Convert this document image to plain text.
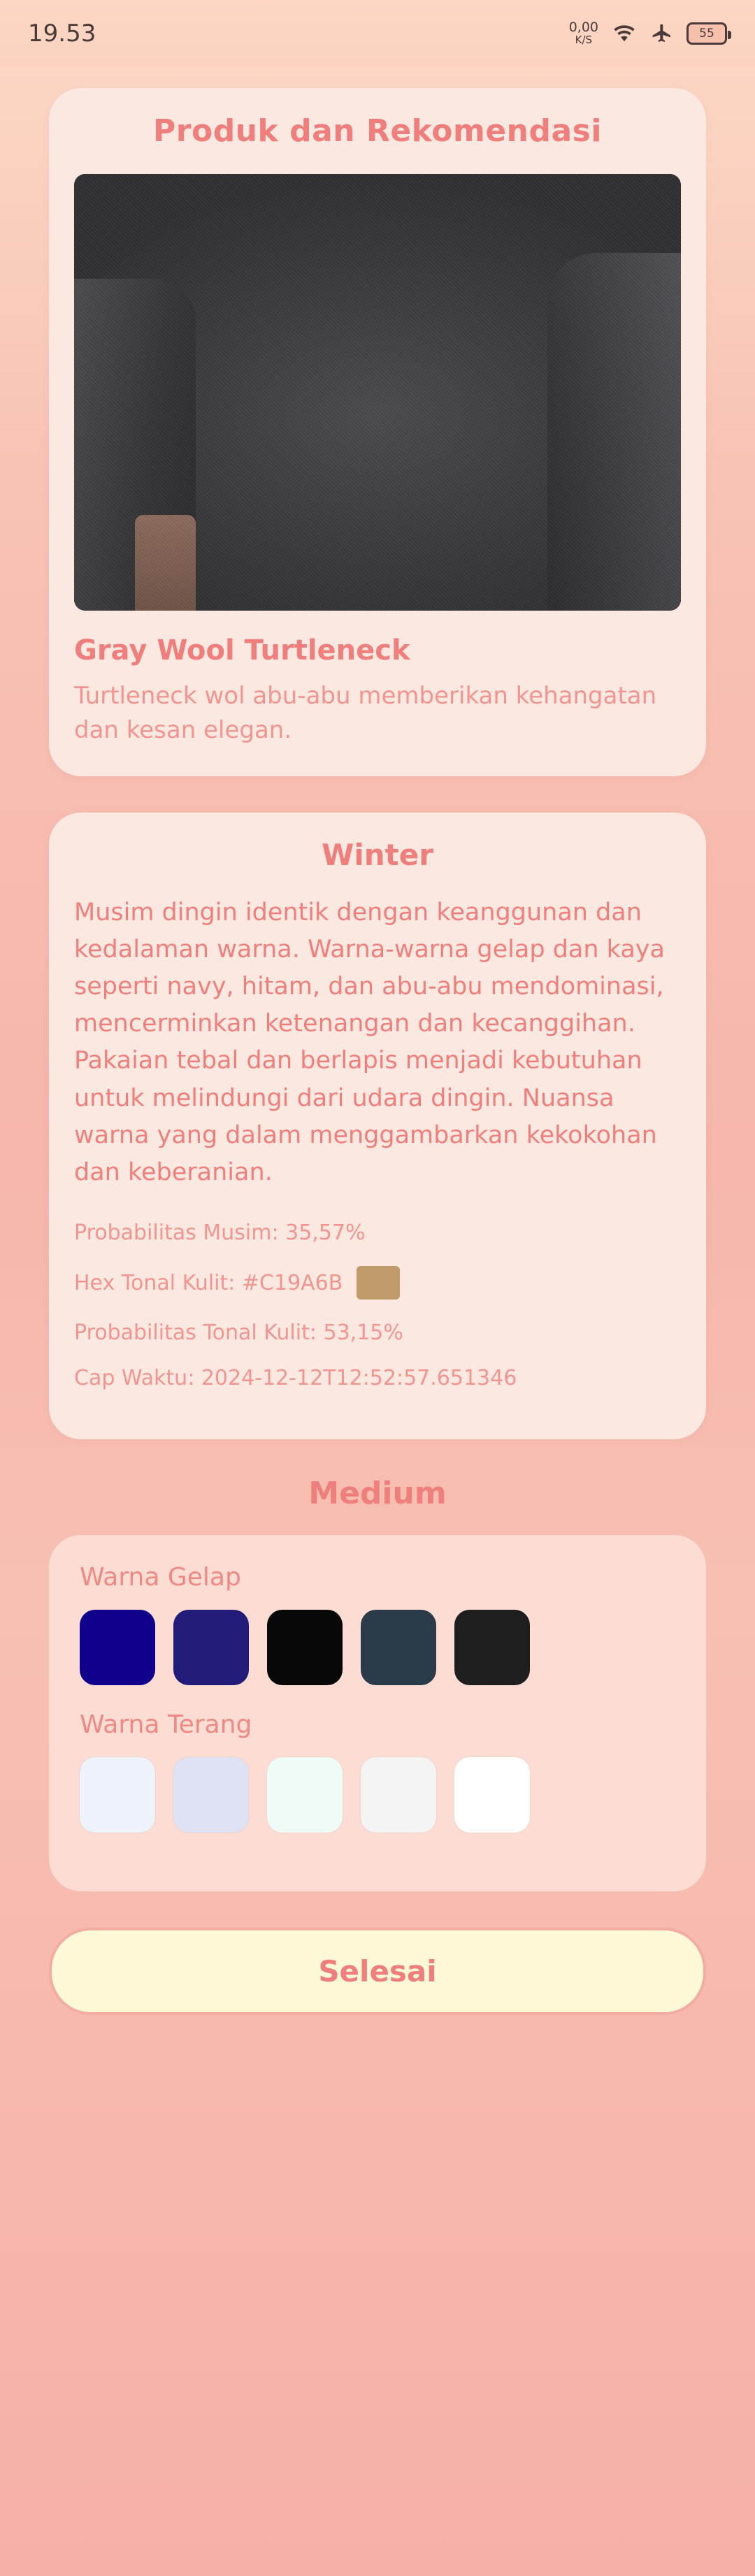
19.53	0,00
K/S	55
Produk dan Rekomendasi
Gray Wool Turtleneck
Turtleneck wol abu-abu memberikan kehangatan dan kesan elegan.
Winter
Musim dingin identik dengan keanggunan dan kedalaman warna. Warna-warna gelap dan kaya seperti navy, hitam, dan abu-abu mendominasi, mencerminkan ketenangan dan kecanggihan. Pakaian tebal dan berlapis menjadi kebutuhan untuk melindungi dari udara dingin. Nuansa warna yang dalam menggambarkan kekokohan dan keberanian.
Probabilitas Musim: 35,57%
Hex Tonal Kulit: #C19A6B
Probabilitas Tonal Kulit: 53,15%
Cap Waktu: 2024-12-12T12:52:57.651346
Medium
Warna Gelap
Warna Terang
Selesai
